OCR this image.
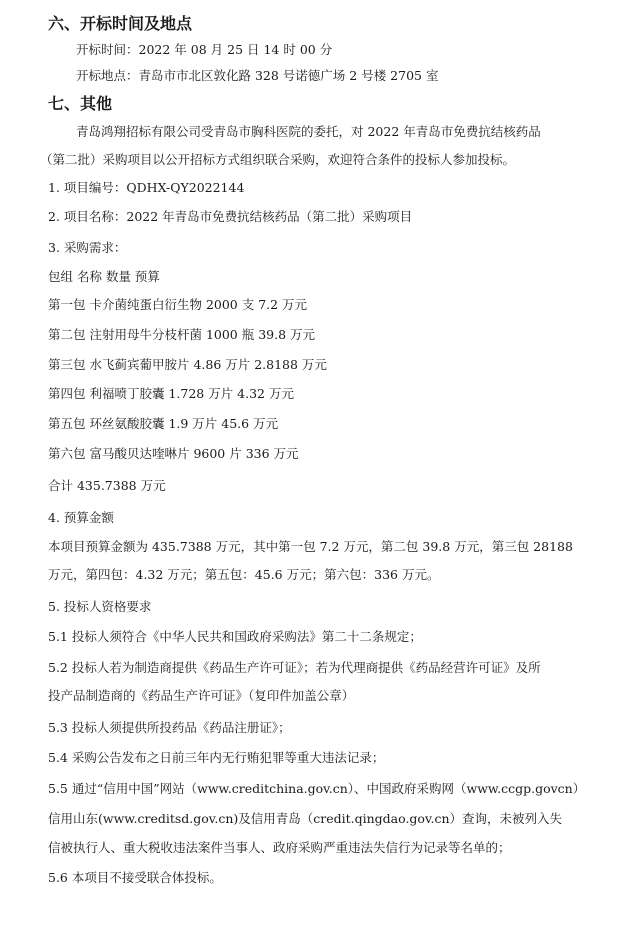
六、开标时间及地点
开标时间：2022 年 08 月 25 日 14 时 00 分
开标地点：青岛市市北区敦化路 328 号诺德广场 2 号楼 2705 室
七、其他
青岛鸿翔招标有限公司受青岛市胸科医院的委托，对 2022 年青岛市免费抗结核药品
（第二批）采购项目以公开招标方式组织联合采购，欢迎符合条件的投标人参加投标。
1. 项目编号：QDHX-QY2022144
2. 项目名称：2022 年青岛市免费抗结核药品（第二批）采购项目
3. 采购需求：
包组 名称 数量 预算
第一包 卡介菌纯蛋白衍生物 2000 支 7.2 万元
第二包 注射用母牛分枝杆菌 1000 瓶 39.8 万元
第三包 水飞蓟宾葡甲胺片 4.86 万片 2.8188 万元
第四包 利福喷丁胶囊 1.728 万片 4.32 万元
第五包 环丝氨酸胶囊 1.9 万片 45.6 万元
第六包 富马酸贝达喹啉片 9600 片 336 万元
合计 435.7388 万元
4. 预算金额
本项目预算金额为 435.7388 万元，其中第一包 7.2 万元，第二包 39.8 万元，第三包 28188
万元，第四包：4.32 万元；第五包：45.6 万元；第六包：336 万元。
5. 投标人资格要求
5.1 投标人须符合《中华人民共和国政府采购法》第二十二条规定；
5.2 投标人若为制造商提供《药品生产许可证》；若为代理商提供《药品经营许可证》及所
投产品制造商的《药品生产许可证》（复印件加盖公章）
5.3 投标人须提供所投药品《药品注册证》；
5.4 采购公告发布之日前三年内无行贿犯罪等重大违法记录；
5.5 通过“信用中国”网站（www.creditchina.gov.cn）、中国政府采购网（www.ccgp.govcn）
信用山东(www.creditsd.gov.cn)及信用青岛（credit.qingdao.gov.cn）查询，未被列入失
信被执行人、重大税收违法案件当事人、政府采购严重违法失信行为记录等名单的；
5.6 本项目不接受联合体投标。
